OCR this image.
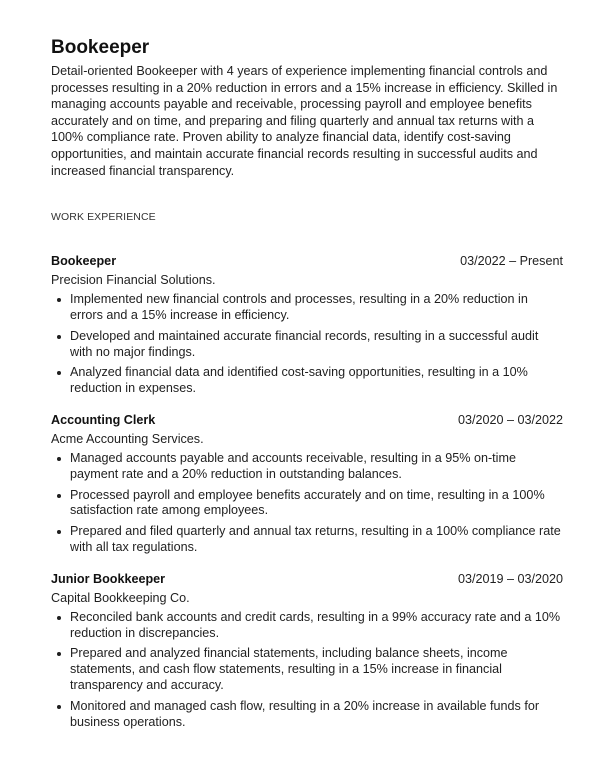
Bookeeper

Detail-oriented Bookeeper with 4 years of experience implementing financial controls and processes resulting in a 20% reduction in errors and a 15% increase in efficiency. Skilled in managing accounts payable and receivable, processing payroll and employee benefits accurately and on time, and preparing and filing quarterly and annual tax returns with a 100% compliance rate. Proven ability to analyze financial data, identify cost-saving opportunities, and maintain accurate financial records resulting in successful audits and increased financial transparency.

WORK EXPERIENCE
Bookeeper	03/2022 – Present
Precision Financial Solutions.
Implemented new financial controls and processes, resulting in a 20% reduction in errors and a 15% increase in efficiency.
Developed and maintained accurate financial records, resulting in a successful audit with no major findings.
Analyzed financial data and identified cost-saving opportunities, resulting in a 10% reduction in expenses.
Accounting Clerk	03/2020 – 03/2022
Acme Accounting Services.
Managed accounts payable and accounts receivable, resulting in a 95% on-time payment rate and a 20% reduction in outstanding balances.
Processed payroll and employee benefits accurately and on time, resulting in a 100% satisfaction rate among employees.
Prepared and filed quarterly and annual tax returns, resulting in a 100% compliance rate with all tax regulations.
Junior Bookkeeper	03/2019 – 03/2020
Capital Bookkeeping Co.
Reconciled bank accounts and credit cards, resulting in a 99% accuracy rate and a 10% reduction in discrepancies.
Prepared and analyzed financial statements, including balance sheets, income statements, and cash flow statements, resulting in a 15% increase in financial transparency and accuracy.
Monitored and managed cash flow, resulting in a 20% increase in available funds for business operations.
